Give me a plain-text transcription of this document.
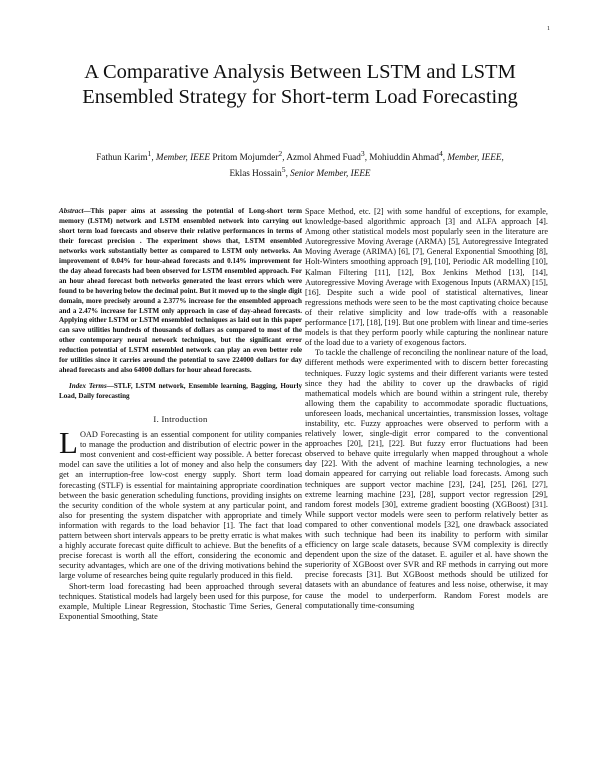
1
A Comparative Analysis Between LSTM and LSTM Ensembled Strategy for Short-term Load Forecasting
Fathun Karim$^1$, Member, IEEE Pritom Mojumder$^2$, Azmol Ahmed Fuad$^3$, Mohiuddin Ahmad$^4$, Member, IEEE,
Eklas Hossain$^5$, Senior Member, IEEE

Abstract—This paper aims at assessing the potential of Long-short term memory (LSTM) network and LSTM ensembled network into carrying out short term load forecasts and observe their relative performances in terms of their forecast precision . The experiment shows that, LSTM ensembled networks work substantially better as compared to LSTM only networks. An improvement of 0.04% for hour-ahead forecasts and 0.14% improvement for the day ahead forecasts had been observed for LSTM ensembled approach. For an hour ahead forecast both networks generated the least errors which were found to be hovering below the decimal point. But it moved up to the single digit domain, more precisely around a 2.377% increase for the ensembled approach and a 2.47% increase for LSTM only approach in case of day-ahead forecasts. Applying either LSTM or LSTM ensembled techniques as laid out in this paper can save utilities hundreds of thousands of dollars as compared to most of the other contemporary neural network techniques, but the significant error reduction potential of LSTM ensembled network can play an even better role for utilities since it carries around the potential to save 224000 dollars for day ahead forecasts and also 64000 dollars for hour ahead forecasts.

Index Terms—STLF, LSTM network, Ensemble learning, Bagging, Hourly Load, Daily forecasting

I. Introduction

LOAD Forecasting is an essential component for utility companies to manage the production and distribution of electric power in the most convenient and cost-efficient way possible. A better forecast model can save the utilities a lot of money and also help the consumers get an interruption-free low-cost energy supply. Short term load forecasting (STLF) is essential for maintaining appropriate coordination between the basic generation scheduling functions, providing insights on the security condition of the whole system at any particular point, and also for presenting the system dispatcher with appropriate and timely information with regards to the load behavior [1]. The fact that load pattern between short intervals appears to be pretty erratic is what makes a highly accurate forecast quite difficult to achieve. But the benefits of a precise forecast is worth all the effort, considering the economic and security advantages, which are one of the driving motivations behind the large volume of researches being quite regularly produced in this field.

Short-term load forecasting had been approached through several techniques. Statistical models had largely been used for this purpose, for example, Multiple Linear Regression, Stochastic Time Series, General Exponential Smoothing, State

Space Method, etc. [2] with some handful of exceptions, for example, knowledge-based algorithmic approach [3] and ALFA approach [4]. Among other statistical models most popularly seen in the literature are Autoregressive Moving Average (ARMA) [5], Autoregressive Integrated Moving Average (ARIMA) [6], [7], General Exponential Smoothing [8], Holt-Winters smoothing approach [9], [10], Periodic AR modelling [10], Kalman Filtering [11], [12], Box Jenkins Method [13], [14], Autoregressive Moving Average with Exogenous Inputs (ARMAX) [15], [16]. Despite such a wide pool of statistical alternatives, linear regressions methods were seen to be the most captivating choice because of their relative simplicity and low trade-offs with a reasonable performance [17], [18], [19]. But one problem with linear and time-series models is that they perform poorly while capturing the nonlinear nature of the load due to a variety of exogenous factors.

To tackle the challenge of reconciling the nonlinear nature of the load, different methods were experimented with to discern better forecasting techniques. Fuzzy logic systems and their different variants were tested since they had the ability to cover up the drawbacks of rigid mathematical models which are bound within a stringent rule, thereby allowing them the capability to accommodate sporadic fluctuations, unforeseen loads, mechanical uncertainties, transmission losses, voltage instability, etc. Fuzzy approaches were observed to perform with a relatively lower, single-digit error compared to the conventional approaches [20], [21], [22]. But fuzzy error fluctuations had been observed to behave quite irregularly when mapped throughout a whole day [22]. With the advent of machine learning technologies, a new domain appeared for carrying out reliable load forecasts. Among such techniques are support vector machine [23], [24], [25], [26], [27], extreme learning machine [23], [28], support vector regression [29], random forest models [30], extreme gradient boosting (XGBoost) [31]. While support vector models were seen to perform relatively better as compared to other conventional models [32], one drawback associated with such technique had been its inability to perform with similar efficiency on large scale datasets, because SVM complexity is directly dependent upon the size of the dataset. E. aguiler et al. have shown the superiority of XGBoost over SVR and RF methods in carrying out more precise forecasts [31]. But XGBoost methods should be utilized for datasets with an abundance of features and less noise, otherwise, it may cause the model to underperform. Random Forest models are computationally time-consuming
